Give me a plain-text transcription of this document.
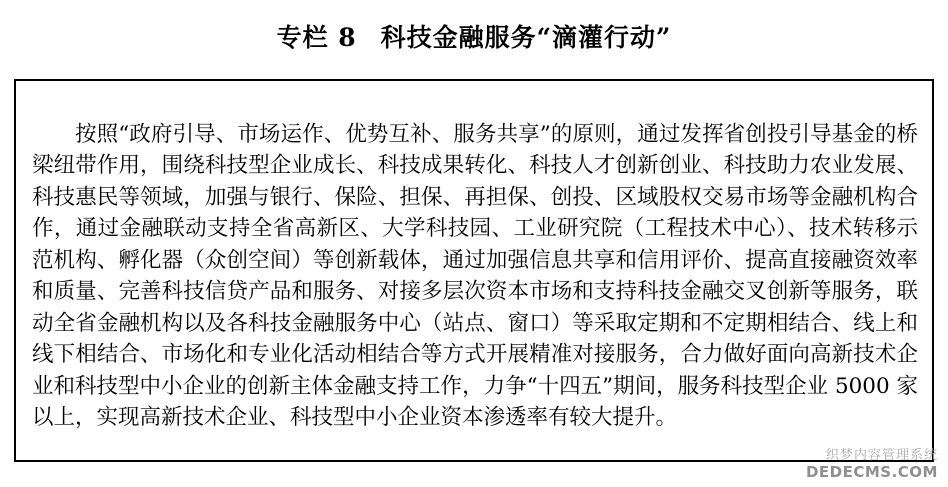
专栏 8 科技金融服务“滴灌行动”

按照“政府引导、市场运作、优势互补、服务共享”的原则，通过发挥省创投引导基金的桥梁纽带作用，围绕科技型企业成长、科技成果转化、科技人才创新创业、科技助力农业发展、科技惠民等领域，加强与银行、保险、担保、再担保、创投、区域股权交易市场等金融机构合作，通过金融联动支持全省高新区、大学科技园、工业研究院（工程技术中心）、技术转移示范机构、孵化器（众创空间）等创新载体，通过加强信息共享和信用评价、提高直接融资效率和质量、完善科技信贷产品和服务、对接多层次资本市场和支持科技金融交叉创新等服务，联动全省金融机构以及各科技金融服务中心（站点、窗口）等采取定期和不定期相结合、线上和线下相结合、市场化和专业化活动相结合等方式开展精准对接服务，合力做好面向高新技术企业和科技型中小企业的创新主体金融支持工作，力争“十四五”期间，服务科技型企业 5000 家以上，实现高新技术企业、科技型中小企业资本渗透率有较大提升。

织梦内容管理系统
DEDECMS.COM
